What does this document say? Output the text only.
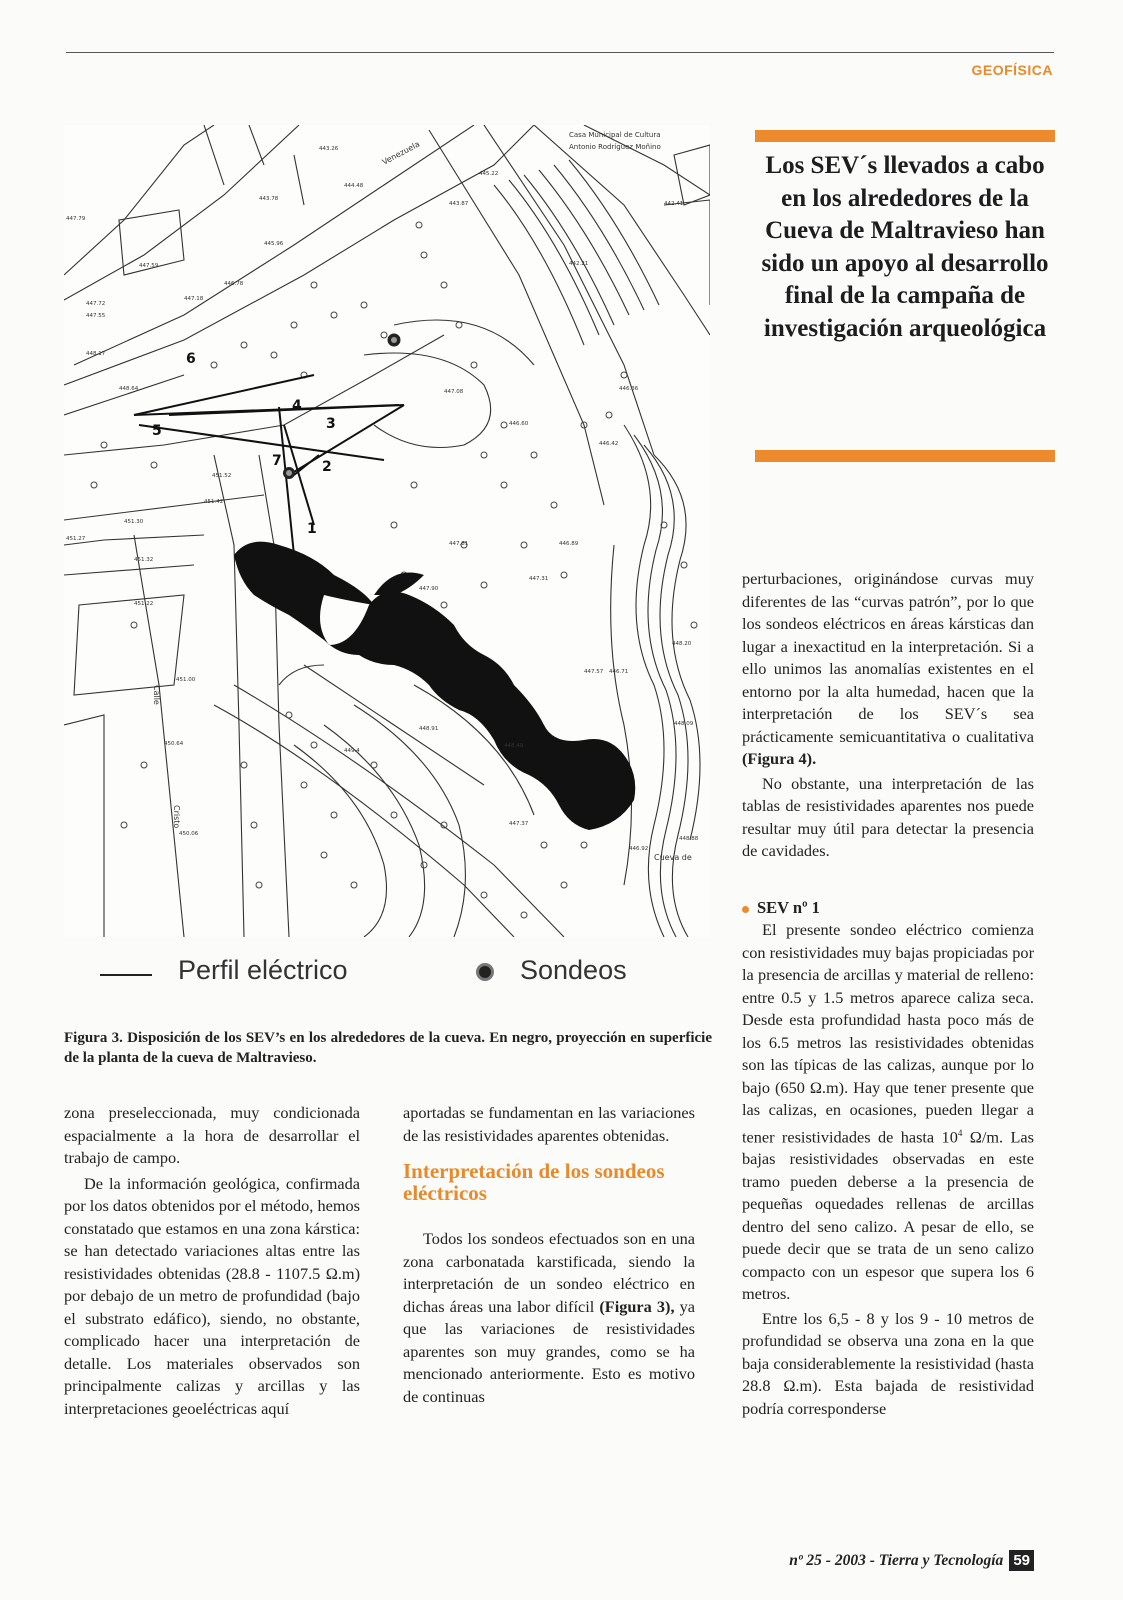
GEOFÍSICA
1
2
3
4
5
6
7
Casa Municipal de Cultura
Antonio Rodríguez Moñino
Venezuela
Calle
Cristo
Cueva de
443.26
444.48
443.78
445.96
446.78
447.18
447.79
447.59
447.55
448.17
448.64
447.72
447.08
447.81
447.90
448.91
449.4
448.49
447.37
446.36
442.21
442.41
443.87
445.22
451.42
451.52
451.30
451.27
451.32
451.22
451.00
450.64
450.06
446.42
446.60
446.89
447.57 446.71
448.09
448.20
448.88
446.92
447.31
Perfil eléctrico	Sondeos
Figura 3. Disposición de los SEV’s en los alrededores de la cueva. En negro, proyección en superficie de la planta de la cueva de Maltravieso.
Los SEV´s llevados a cabo en los alrededores de la Cueva de Maltravieso han sido un apoyo al desarrollo final de la campaña de investigación arqueológica

zona preseleccionada, muy condicionada espacialmente a la hora de desarrollar el trabajo de campo.

De la información geológica, confirmada por los datos obtenidos por el método, hemos constatado que estamos en una zona kárstica: se han detectado variaciones altas entre las resistividades obtenidas (28.8 - 1107.5 Ω.m) por debajo de un metro de profundidad (bajo el substrato edáfico), siendo, no obstante, complicado hacer una interpretación de detalle. Los materiales observados son principalmente calizas y arcillas y las interpretaciones geoeléctricas aquí

aportadas se fundamentan en las variaciones de las resistividades aparentes obtenidas.

Interpretación de los sondeos eléctricos

Todos los sondeos efectuados son en una zona carbonatada karstificada, siendo la interpretación de un sondeo eléctrico en dichas áreas una labor difícil (Figura 3), ya que las variaciones de resistividades aparentes son muy grandes, como se ha mencionado anteriormente. Esto es motivo de continuas

perturbaciones, originándose curvas muy diferentes de las “curvas patrón”, por lo que los sondeos eléctricos en áreas kársticas dan lugar a inexactitud en la interpretación. Si a ello unimos las anomalías existentes en el entorno por la alta humedad, hacen que la interpretación de los SEV´s sea prácticamente semicuantitativa o cualitativa (Figura 4).

No obstante, una interpretación de las tablas de resistividades aparentes nos puede resultar muy útil para detectar la presencia de cavidades.

SEV nº 1

El presente sondeo eléctrico comienza con resistividades muy bajas propiciadas por la presencia de arcillas y material de relleno: entre 0.5 y 1.5 metros aparece caliza seca. Desde esta profundidad hasta poco más de los 6.5 metros las resistividades obtenidas son las típicas de las calizas, aunque por lo bajo (650 Ω.m). Hay que tener presente que las calizas, en ocasiones, pueden llegar a tener resistividades de hasta $10^4$ Ω/m. Las bajas resistividades observadas en este tramo pueden deberse a la presencia de pequeñas oquedades rellenas de arcillas dentro del seno calizo. A pesar de ello, se puede decir que se trata de un seno calizo compacto con un espesor que supera los 6 metros.

Entre los 6,5 - 8 y los 9 - 10 metros de profundidad se observa una zona en la que baja considerablemente la resistividad (hasta 28.8 Ω.m). Esta bajada de resistividad podría corresponderse

nº 25 - 2003 - Tierra y Tecnología 59
